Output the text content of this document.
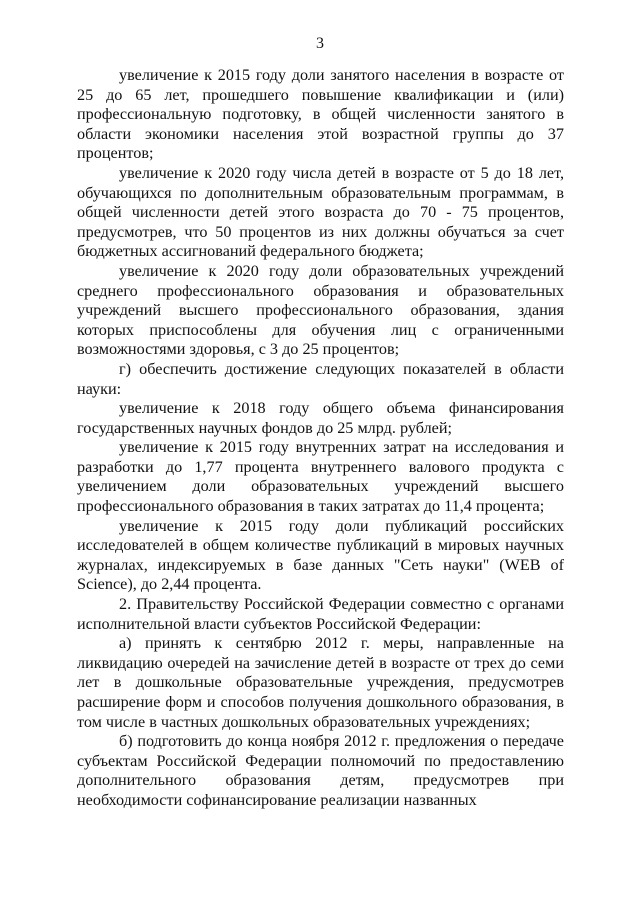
3

увеличение к 2015 году доли занятого населения в возрасте от 25 до 65 лет, прошедшего повышение квалификации и (или) профессиональную подготовку, в общей численности занятого в области экономики населения этой возрастной группы до 37 процентов;

увеличение к 2020 году числа детей в возрасте от 5 до 18 лет, обучающихся по дополнительным образовательным программам, в общей численности детей этого возраста до 70 - 75 процентов, предусмотрев, что 50 процентов из них должны обучаться за счет бюджетных ассигнований федерального бюджета;

увеличение к 2020 году доли образовательных учреждений среднего профессионального образования и образовательных учреждений высшего профессионального образования, здания которых приспособлены для обучения лиц с ограниченными возможностями здоровья, с 3 до 25 процентов;

г) обеспечить достижение следующих показателей в области науки:

увеличение к 2018 году общего объема финансирования государственных научных фондов до 25 млрд. рублей;

увеличение к 2015 году внутренних затрат на исследования и разработки до 1,77 процента внутреннего валового продукта с увеличением доли образовательных учреждений высшего профессионального образования в таких затратах до 11,4 процента;

увеличение к 2015 году доли публикаций российских исследователей в общем количестве публикаций в мировых научных журналах, индексируемых в базе данных "Сеть науки" (WEB of Science), до 2,44 процента.

2. Правительству Российской Федерации совместно с органами исполнительной власти субъектов Российской Федерации:

а) принять к сентябрю 2012 г. меры, направленные на ликвидацию очередей на зачисление детей в возрасте от трех до семи лет в дошкольные образовательные учреждения, предусмотрев расширение форм и способов получения дошкольного образования, в том числе в частных дошкольных образовательных учреждениях;

б) подготовить до конца ноября 2012 г. предложения о передаче субъектам Российской Федерации полномочий по предоставлению дополнительного образования детям, предусмотрев при необходимости софинансирование реализации названных
